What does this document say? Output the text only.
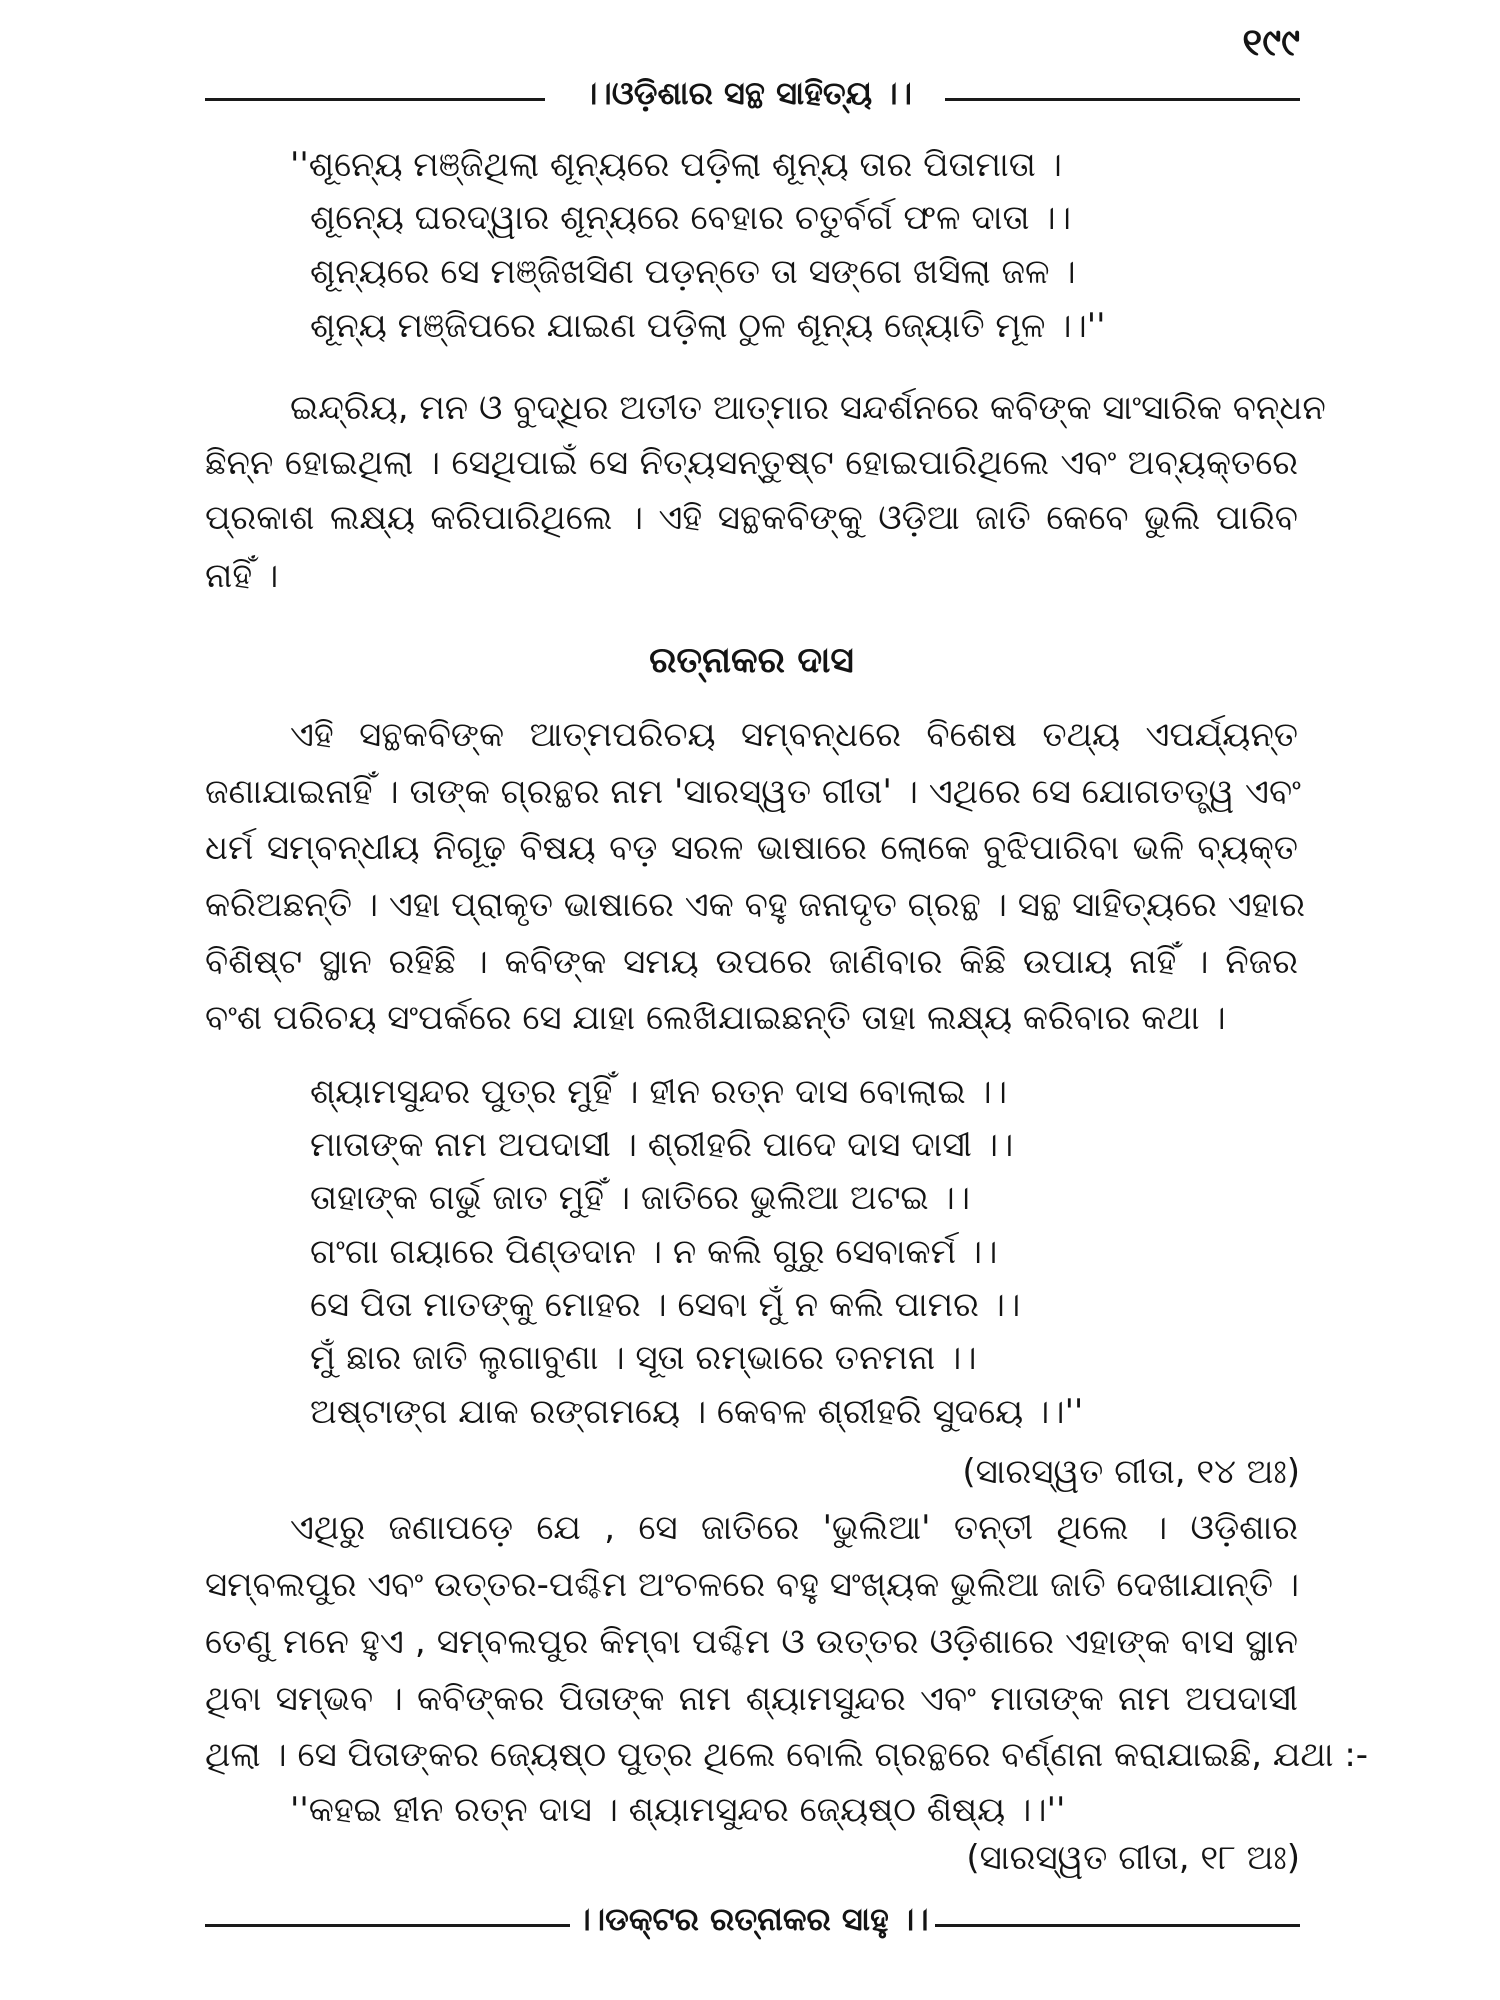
।।ଓଡ଼ିଶାର ସନ୍ଥ ସାହିତ୍ୟ ।।
୧୯୯
''ଶୂନ୍ୟେ ମଞ୍ଜିଥିଲା ଶୂନ୍ୟରେ ପଡ଼ିଲା ଶୂନ୍ୟ ତାର ପିତାମାତା ।
ଶୂନ୍ୟେ ଘରଦ୍ୱାର ଶୂନ୍ୟରେ ବେହାର ଚତୁର୍ବର୍ଗ ଫଳ ଦାତା ।।
ଶୂନ୍ୟରେ ସେ ମଞ୍ଜିଖସିଣ ପଡ଼ନ୍ତେ ତା ସଙ୍ଗେ ଖସିଲା ଜଳ ।
ଶୂନ୍ୟ ମଞ୍ଜିପରେ ଯାଇଣ ପଡ଼ିଲା ଠୁଳ ଶୂନ୍ୟ ଜ୍ୟୋତି ମୂଳ ।।''
ଇନ୍ଦ୍ରିୟ, ମନ ଓ ବୁଦ୍ଧିର ଅତୀତ ଆତ୍ମାର ସନ୍ଦର୍ଶନରେ କବିଙ୍କ ସାଂସାରିକ ବନ୍ଧନ
ଛିନ୍ନ ହୋଇଥିଲା । ସେଥିପାଇଁ ସେ ନିତ୍ୟସନ୍ତୁଷ୍ଟ ହୋଇପାରିଥିଲେ ଏବଂ ଅବ୍ୟକ୍ତରେ
ପ୍ରକାଶ ଲକ୍ଷ୍ୟ କରିପାରିଥିଲେ । ଏହି ସନ୍ଥକବିଙ୍କୁ ଓଡ଼ିଆ ଜାତି କେବେ ଭୁଲି ପାରିବ
ନାହିଁ ।
ରତ୍ନାକର ଦାସ
ଏହି ସନ୍ଥକବିଙ୍କ ଆତ୍ମପରିଚୟ ସମ୍ବନ୍ଧରେ ବିଶେଷ ତଥ୍ୟ ଏପର୍ଯ୍ୟନ୍ତ
ଜଣାଯାଇନାହିଁ । ତାଙ୍କ ଗ୍ରନ୍ଥର ନାମ 'ସାରସ୍ୱତ ଗୀତା' । ଏଥିରେ ସେ ଯୋଗତତ୍ତ୍ୱ ଏବଂ
ଧର୍ମ ସମ୍ବନ୍ଧୀୟ ନିଗୂଢ଼ ବିଷୟ ବଡ଼ ସରଳ ଭାଷାରେ ଲୋକେ ବୁଝିପାରିବା ଭଳି ବ୍ୟକ୍ତ
କରିଅଛନ୍ତି । ଏହା ପ୍ରାକୃତ ଭାଷାରେ ଏକ ବହୁ ଜନାଦୃତ ଗ୍ରନ୍ଥ । ସନ୍ଥ ସାହିତ୍ୟରେ ଏହାର
ବିଶିଷ୍ଟ ସ୍ଥାନ ରହିଛି । କବିଙ୍କ ସମୟ ଉପରେ ଜାଣିବାର କିଛି ଉପାୟ ନାହିଁ । ନିଜର
ବଂଶ ପରିଚୟ ସଂପର୍କରେ ସେ ଯାହା ଲେଖିଯାଇଛନ୍ତି ତାହା ଲକ୍ଷ୍ୟ କରିବାର କଥା ।
ଶ୍ୟାମସୁନ୍ଦର ପୁତ୍ର ମୁହିଁ । ହୀନ ରତ୍ନ ଦାସ ବୋଲାଇ ।।
ମାତାଙ୍କ ନାମ ଅପଦାସୀ । ଶ୍ରୀହରି ପାଦେ ଦାସ ଦାସୀ ।।
ତାହାଙ୍କ ଗର୍ଭୁ ଜାତ ମୁହିଁ । ଜାତିରେ ଭୁଲିଆ ଅଟଇ ।।
ଗଂଗା ଗୟାରେ ପିଣ୍ଡଦାନ । ନ କଲି ଗୁରୁ ସେବାକର୍ମ ।।
ସେ ପିତା ମାତଙ୍କୁ ମୋହର । ସେବା ମୁଁ ନ କଲି ପାମର ।।
ମୁଁ ଛାର ଜାତି ଲୁଗାବୁଣା । ସୂତା ରମ୍ଭାରେ ତନମନା ।।
ଅଷ୍ଟାଙ୍ଗ ଯାକ ରଙ୍ଗମୟେ । କେବଳ ଶ୍ରୀହରି ସୁଦୟେ ।।''
(ସାରସ୍ୱତ ଗୀତା, ୧୪ ଅଃ)
ଏଥିରୁ ଜଣାପଡ଼େ ଯେ , ସେ ଜାତିରେ 'ଭୁଲିଆ' ତନ୍ତୀ ଥିଲେ । ଓଡ଼ିଶାର
ସମ୍ବଲପୁର ଏବଂ ଉତ୍ତର-ପଶ୍ଚିମ ଅଂଚଳରେ ବହୁ ସଂଖ୍ୟକ ଭୁଲିଆ ଜାତି ଦେଖାଯାନ୍ତି ।
ତେଣୁ ମନେ ହୁଏ , ସମ୍ବଲପୁର କିମ୍ବା ପଶ୍ଚିମ ଓ ଉତ୍ତର ଓଡ଼ିଶାରେ ଏହାଙ୍କ ବାସ ସ୍ଥାନ
ଥିବା ସମ୍ଭବ । କବିଙ୍କର ପିତାଙ୍କ ନାମ ଶ୍ୟାମସୁନ୍ଦର ଏବଂ ମାତାଙ୍କ ନାମ ଅପଦାସୀ
ଥିଲା । ସେ ପିତାଙ୍କର ଜ୍ୟେଷ୍ଠ ପୁତ୍ର ଥିଲେ ବୋଲି ଗ୍ରନ୍ଥରେ ବର୍ଣ୍ଣନା କରାଯାଇଛି, ଯଥା :-
''କହଇ ହୀନ ରତ୍ନ ଦାସ । ଶ୍ୟାମସୁନ୍ଦର ଜ୍ୟେଷ୍ଠ ଶିଷ୍ୟ ।।''
(ସାରସ୍ୱତ ଗୀତା, ୧୮ ଅଃ)
।।ଡକ୍ଟର ରତ୍ନାକର ସାହୁ ।।
